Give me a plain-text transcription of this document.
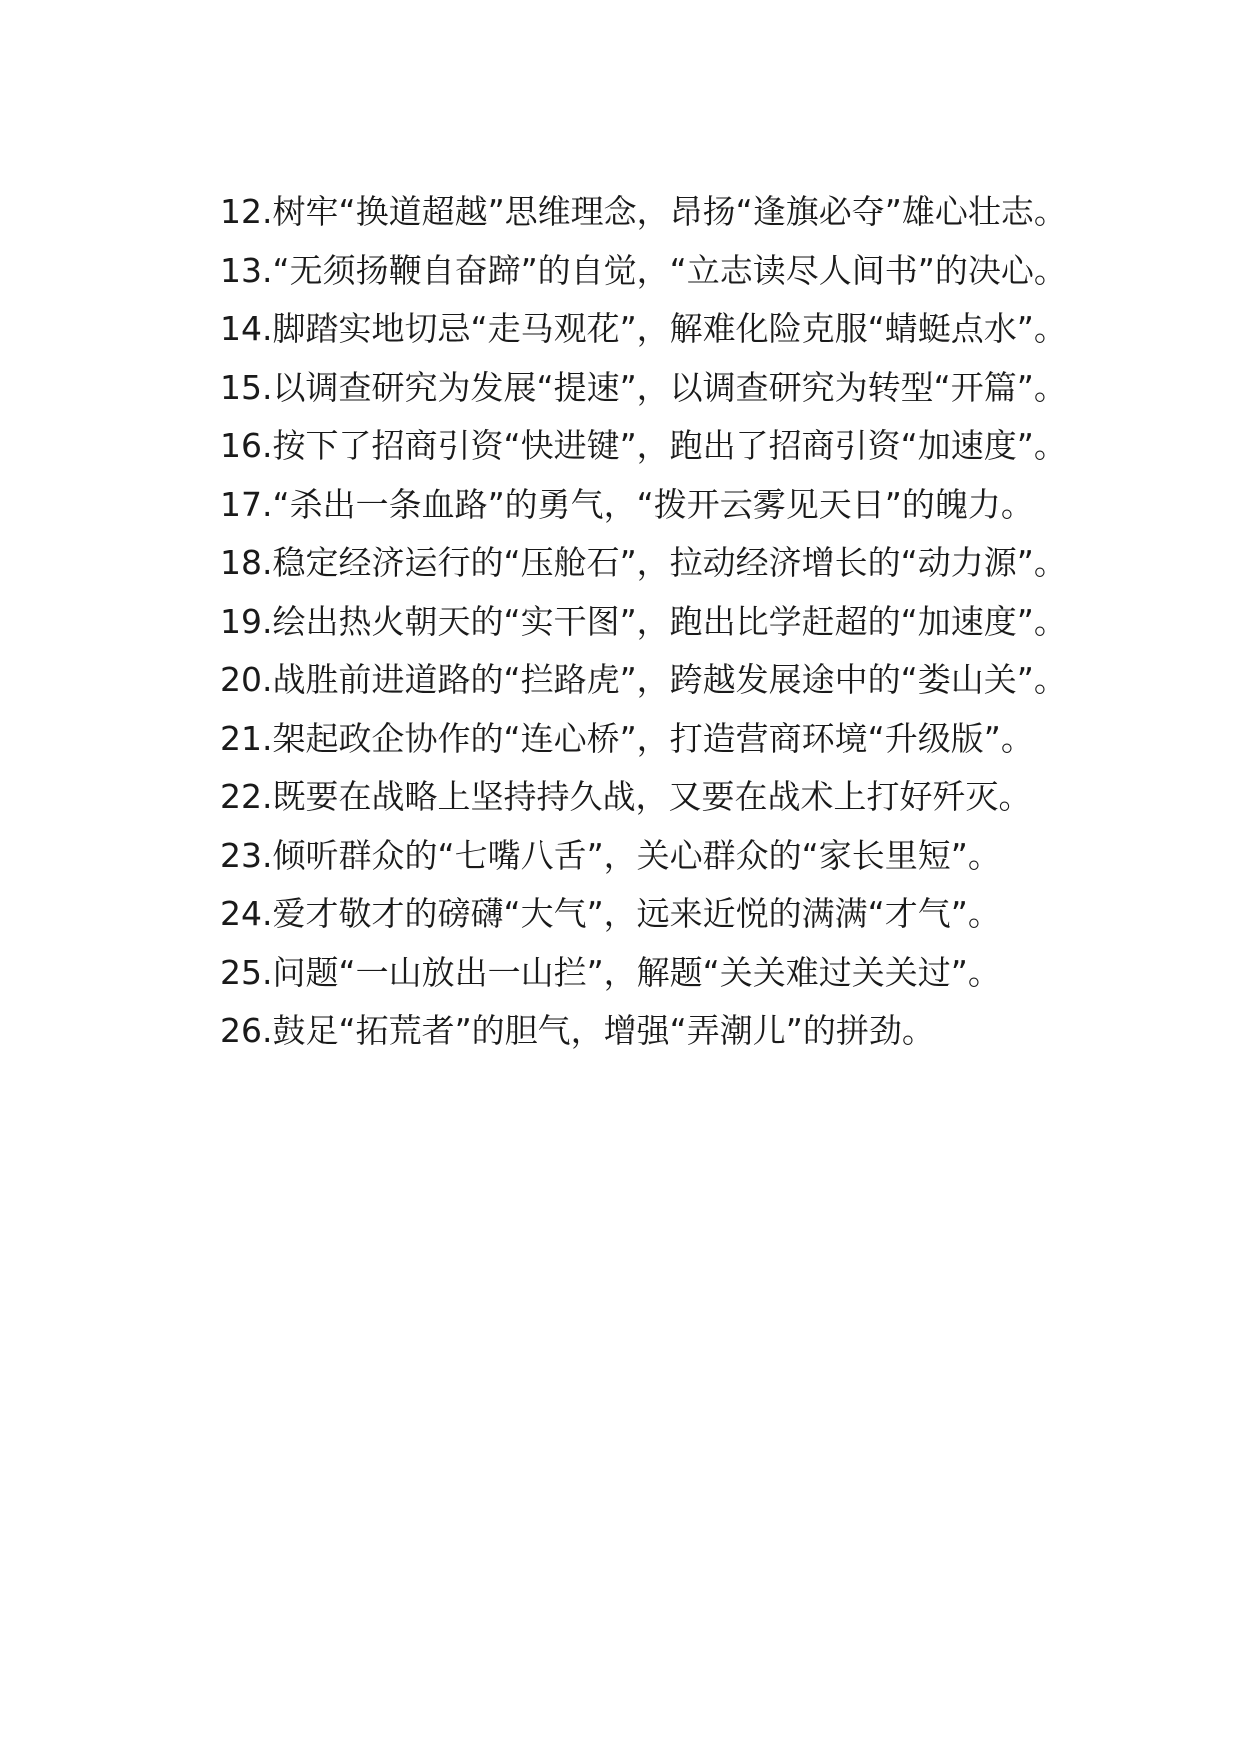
12.树牢“换道超越”思维理念，昂扬“逢旗必夺”雄心壮志。

13.“无须扬鞭自奋蹄”的自觉，“立志读尽人间书”的决心。

14.脚踏实地切忌“走马观花”，解难化险克服“蜻蜓点水”。

15.以调查研究为发展“提速”，以调查研究为转型“开篇”。

16.按下了招商引资“快进键”，跑出了招商引资“加速度”。

17.“杀出一条血路”的勇气，“拨开云雾见天日”的魄力。

18.稳定经济运行的“压舱石”，拉动经济增长的“动力源”。

19.绘出热火朝天的“实干图”，跑出比学赶超的“加速度”。

20.战胜前进道路的“拦路虎”，跨越发展途中的“娄山关”。

21.架起政企协作的“连心桥”，打造营商环境“升级版”。

22.既要在战略上坚持持久战，又要在战术上打好歼灭。

23.倾听群众的“七嘴八舌”，关心群众的“家长里短”。

24.爱才敬才的磅礴“大气”，远来近悦的满满“才气”。

25.问题“一山放出一山拦”，解题“关关难过关关过”。

26.鼓足“拓荒者”的胆气，增强“弄潮儿”的拼劲。
